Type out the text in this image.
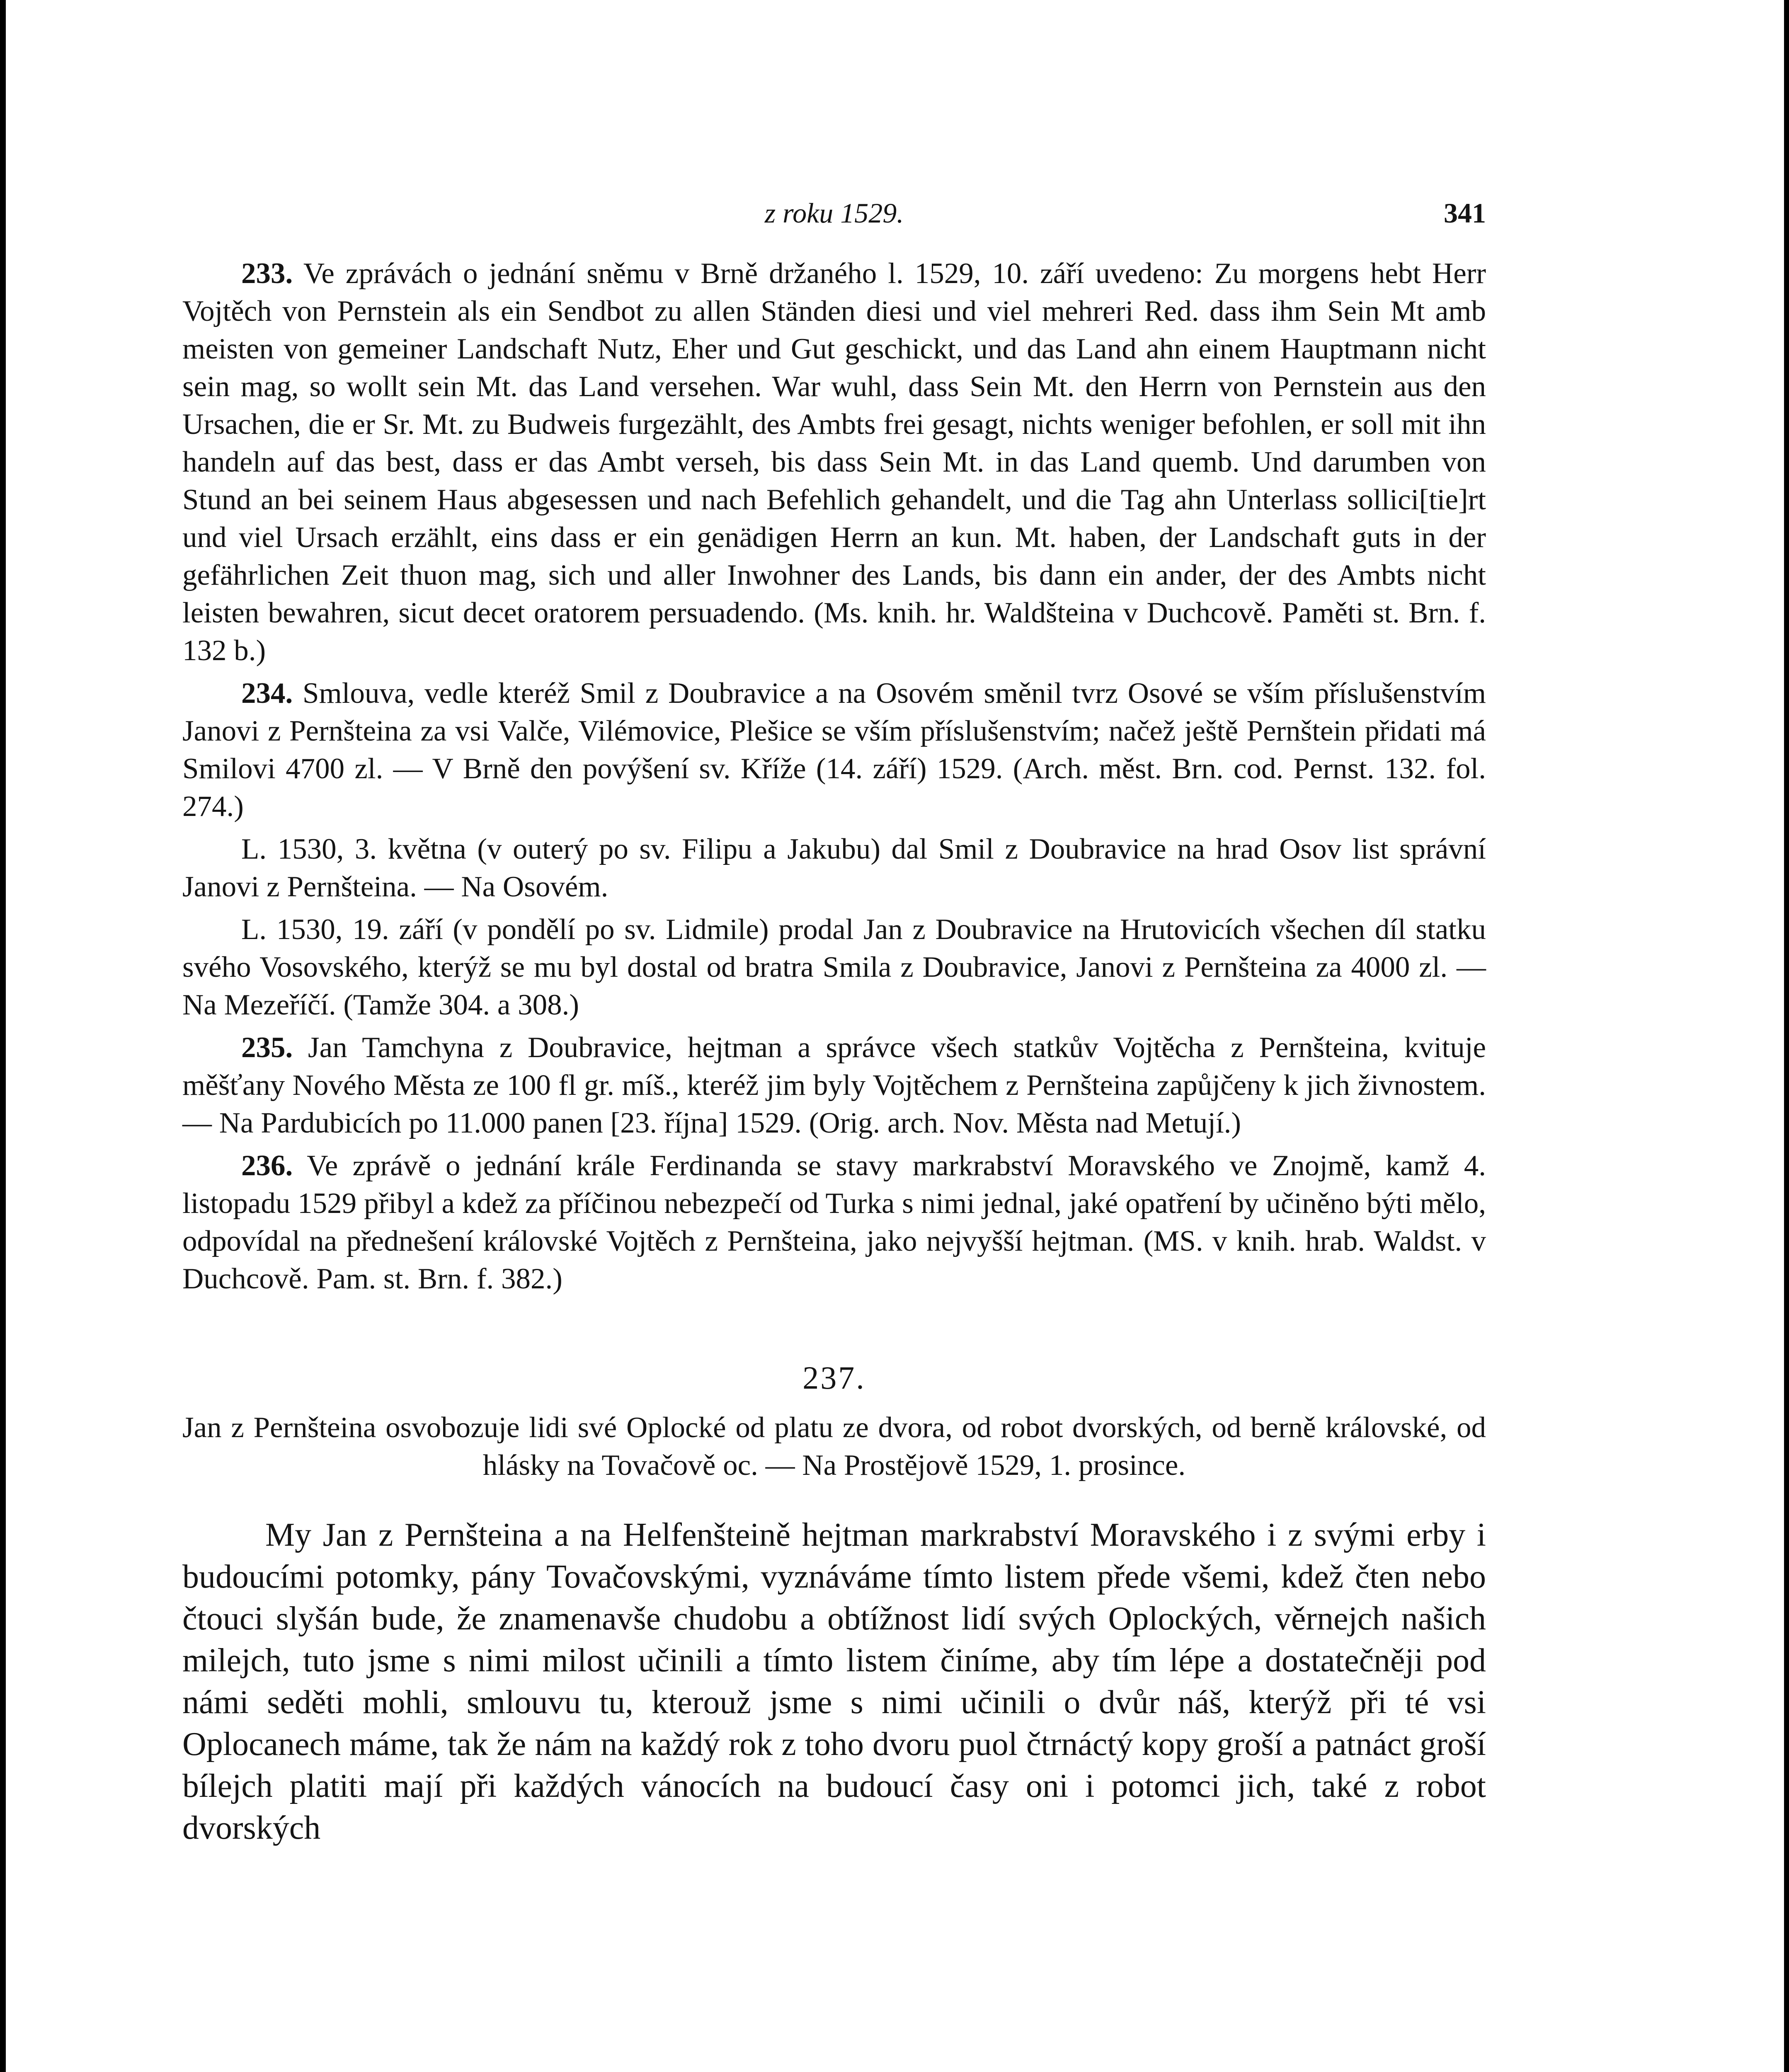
z roku 1529.	341

233. Ve zprávách o jednání sněmu v Brně držaného l. 1529, 10. září uvedeno: Zu morgens hebt Herr Vojtěch von Pernstein als ein Sendbot zu allen Ständen diesi und viel mehreri Red. dass ihm Sein Mt amb meisten von gemeiner Landschaft Nutz, Eher und Gut geschickt, und das Land ahn einem Hauptmann nicht sein mag, so wollt sein Mt. das Land versehen. War wuhl, dass Sein Mt. den Herrn von Pernstein aus den Ursachen, die er Sr. Mt. zu Budweis furgezählt, des Ambts frei gesagt, nichts weniger befohlen, er soll mit ihn handeln auf das best, dass er das Ambt verseh, bis dass Sein Mt. in das Land quemb. Und darumben von Stund an bei seinem Haus abgesessen und nach Befehlich gehandelt, und die Tag ahn Unterlass sollici[tie]rt und viel Ursach erzählt, eins dass er ein genädigen Herrn an kun. Mt. haben, der Landschaft guts in der gefährlichen Zeit thuon mag, sich und aller Inwohner des Lands, bis dann ein ander, der des Ambts nicht leisten bewahren, sicut decet oratorem persuadendo. (Ms. knih. hr. Waldšteina v Duchcově. Paměti st. Brn. f. 132 b.)

234. Smlouva, vedle kteréž Smil z Doubravice a na Osovém směnil tvrz Osové se vším příslušenstvím Janovi z Pernšteina za vsi Valče, Vilémovice, Plešice se vším příslušenstvím; načež ještě Pernštein přidati má Smilovi 4700 zl. — V Brně den povýšení sv. Kříže (14. září) 1529. (Arch. měst. Brn. cod. Pernst. 132. fol. 274.)

L. 1530, 3. května (v outerý po sv. Filipu a Jakubu) dal Smil z Doubravice na hrad Osov list správní Janovi z Pernšteina. — Na Osovém.

L. 1530, 19. září (v pondělí po sv. Lidmile) prodal Jan z Doubravice na Hrutovicích všechen díl statku svého Vosovského, kterýž se mu byl dostal od bratra Smila z Doubravice, Janovi z Pernšteina za 4000 zl. — Na Mezeříčí. (Tamže 304. a 308.)

235. Jan Tamchyna z Doubravice, hejtman a správce všech statkův Vojtěcha z Pernšteina, kvituje měšťany Nového Města ze 100 fl gr. míš., kteréž jim byly Vojtěchem z Pernšteina zapůjčeny k jich živnostem. — Na Pardubicích po 11.000 panen [23. října] 1529. (Orig. arch. Nov. Města nad Metují.)

236. Ve zprávě o jednání krále Ferdinanda se stavy markrabství Moravského ve Znojmě, kamž 4. listopadu 1529 přibyl a kdež za příčinou nebezpečí od Turka s nimi jednal, jaké opatření by učiněno býti mělo, odpovídal na přednešení královské Vojtěch z Pernšteina, jako nejvyšší hejtman. (MS. v knih. hrab. Waldst. v Duchcově. Pam. st. Brn. f. 382.)

237.

Jan z Pernšteina osvobozuje lidi své Oplocké od platu ze dvora, od robot dvorských, od berně královské, od hlásky na Tovačově oc. — Na Prostějově 1529, 1. prosince.

My Jan z Pernšteina a na Helfenšteině hejtman markrabství Moravského i z svými erby i budoucími potomky, pány Tovačovskými, vyznáváme tímto listem přede všemi, kdež čten nebo čtouci slyšán bude, že znamenavše chudobu a obtížnost lidí svých Oplockých, věrnejch našich milejch, tuto jsme s nimi milost učinili a tímto listem činíme, aby tím lépe a dostatečněji pod námi seděti mohli, smlouvu tu, kterouž jsme s nimi učinili o dvůr náš, kterýž při té vsi Oplocanech máme, tak že nám na každý rok z toho dvoru puol čtrnáctý kopy groší a patnáct groší bílejch platiti mají při každých vánocích na budoucí časy oni i potomci jich, také z robot dvorských
